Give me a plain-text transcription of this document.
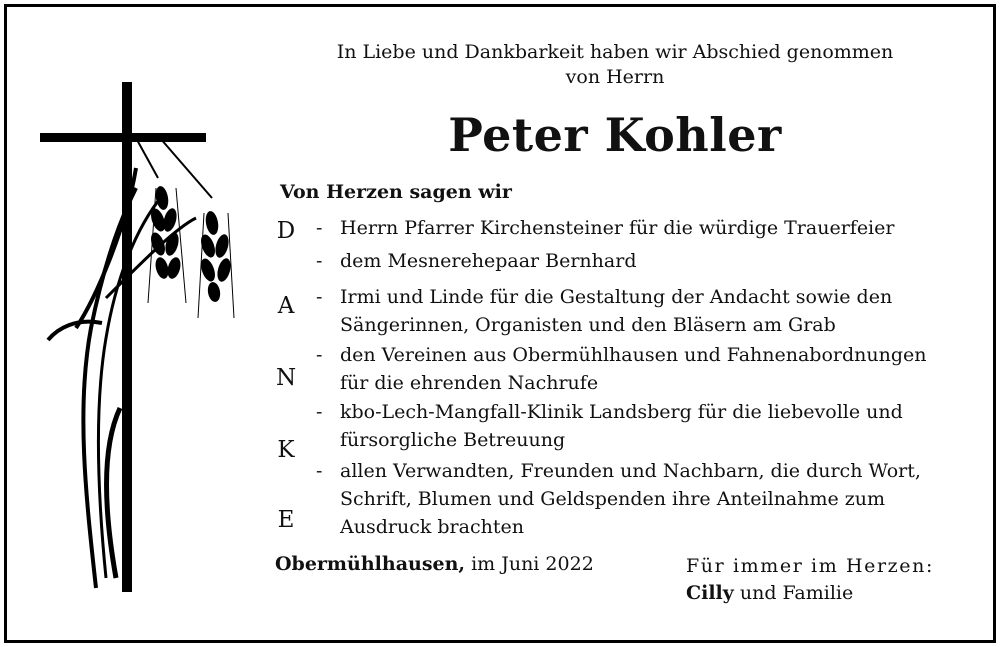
In Liebe und Dankbarkeit haben wir Abschied genommen
von Herrn
Peter Kohler
Von Herzen sagen wir
D
A
N
K
E
- Herrn Pfarrer Kirchensteiner für die würdige Trauerfeier
- dem Mesnerehepaar Bernhard
- Irmi und Linde für die Gestaltung der Andacht sowie den
Sängerinnen, Organisten und den Bläsern am Grab
- den Vereinen aus Obermühlhausen und Fahnenabordnungen
für die ehrenden Nachrufe
- kbo-Lech-Mangfall-Klinik Landsberg für die liebevolle und
fürsorgliche Betreuung
- allen Verwandten, Freunden und Nachbarn, die durch Wort,
Schrift, Blumen und Geldspenden ihre Anteilnahme zum
Ausdruck brachten
Obermühlhausen, im Juni 2022	Für immer im Herzen:
Cilly und Familie
